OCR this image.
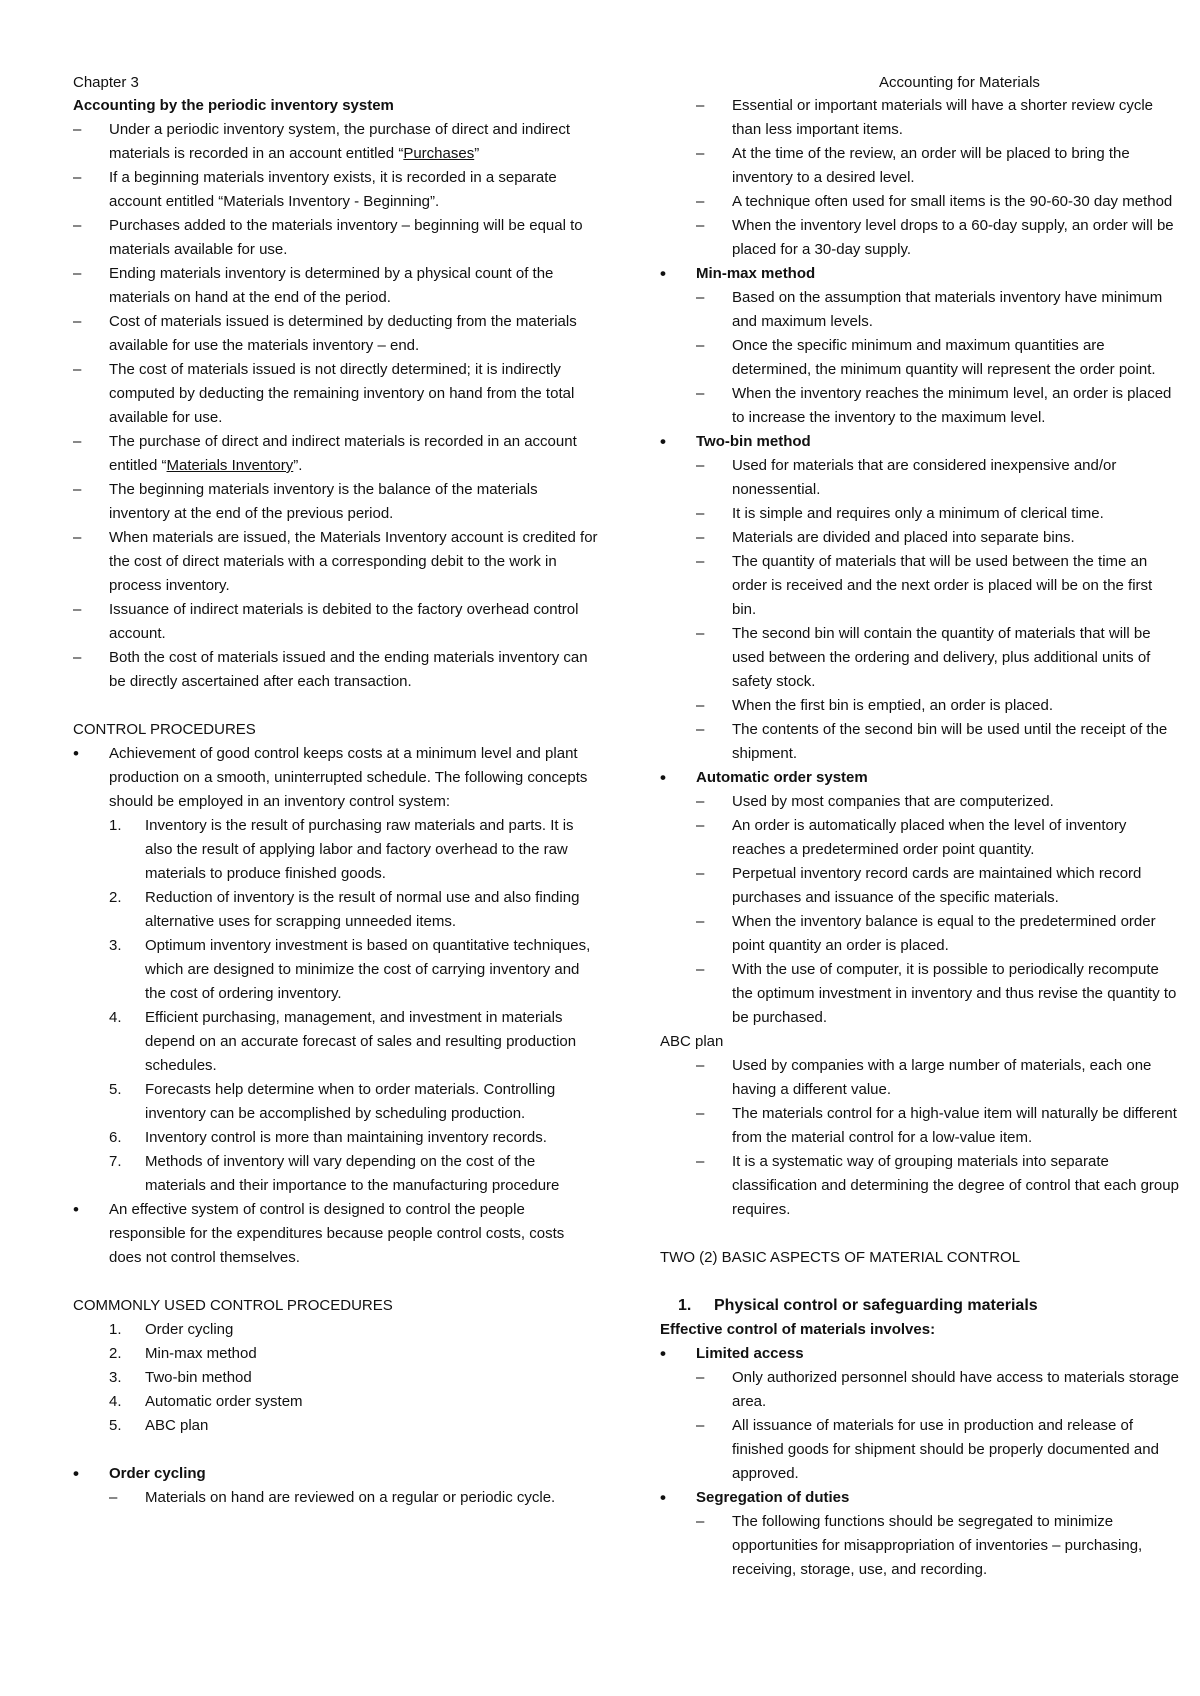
Chapter 3	Accounting for Materials
Accounting by the periodic inventory system

– Under a periodic inventory system, the purchase of direct and indirect materials is recorded in an account entitled “Purchases”

– If a beginning materials inventory exists, it is recorded in a separate account entitled “Materials Inventory - Beginning”.

– Purchases added to the materials inventory – beginning will be equal to materials available for use.

– Ending materials inventory is determined by a physical count of the materials on hand at the end of the period.

– Cost of materials issued is determined by deducting from the materials available for use the materials inventory – end.

– The cost of materials issued is not directly determined; it is indirectly computed by deducting the remaining inventory on hand from the total available for use.

– The purchase of direct and indirect materials is recorded in an account entitled “Materials Inventory”.

– The beginning materials inventory is the balance of the materials inventory at the end of the previous period.

– When materials are issued, the Materials Inventory account is credited for the cost of direct materials with a corresponding debit to the work in process inventory.

– Issuance of indirect materials is debited to the factory overhead control account.

– Both the cost of materials issued and the ending materials inventory can be directly ascertained after each transaction.

CONTROL PROCEDURES

• Achievement of good control keeps costs at a minimum level and plant production on a smooth, uninterrupted schedule. The following concepts should be employed in an inventory control system:

1. Inventory is the result of purchasing raw materials and parts. It is also the result of applying labor and factory overhead to the raw materials to produce finished goods.

2. Reduction of inventory is the result of normal use and also finding alternative uses for scrapping unneeded items.

3. Optimum inventory investment is based on quantitative techniques, which are designed to minimize the cost of carrying inventory and the cost of ordering inventory.

4. Efficient purchasing, management, and investment in materials depend on an accurate forecast of sales and resulting production schedules.

5. Forecasts help determine when to order materials. Controlling inventory can be accomplished by scheduling production.

6. Inventory control is more than maintaining inventory records.

7. Methods of inventory will vary depending on the cost of the materials and their importance to the manufacturing procedure

• An effective system of control is designed to control the people responsible for the expenditures because people control costs, costs does not control themselves.

COMMONLY USED CONTROL PROCEDURES

1. Order cycling

2. Min-max method

3. Two-bin method

4. Automatic order system

5. ABC plan

• Order cycling

– Materials on hand are reviewed on a regular or periodic cycle.

– Essential or important materials will have a shorter review cycle than less important items.

– At the time of the review, an order will be placed to bring the inventory to a desired level.

– A technique often used for small items is the 90-60-30 day method

– When the inventory level drops to a 60-day supply, an order will be placed for a 30-day supply.

• Min-max method

– Based on the assumption that materials inventory have minimum and maximum levels.

– Once the specific minimum and maximum quantities are determined, the minimum quantity will represent the order point.

– When the inventory reaches the minimum level, an order is placed to increase the inventory to the maximum level.

• Two-bin method

– Used for materials that are considered inexpensive and/or nonessential.

– It is simple and requires only a minimum of clerical time.

– Materials are divided and placed into separate bins.

– The quantity of materials that will be used between the time an order is received and the next order is placed will be on the first bin.

– The second bin will contain the quantity of materials that will be used between the ordering and delivery, plus additional units of safety stock.

– When the first bin is emptied, an order is placed.

– The contents of the second bin will be used until the receipt of the shipment.

• Automatic order system

– Used by most companies that are computerized.

– An order is automatically placed when the level of inventory reaches a predetermined order point quantity.

– Perpetual inventory record cards are maintained which record purchases and issuance of the specific materials.

– When the inventory balance is equal to the predetermined order point quantity an order is placed.

– With the use of computer, it is possible to periodically recompute the optimum investment in inventory and thus revise the quantity to be purchased.

ABC plan

– Used by companies with a large number of materials, each one having a different value.

– The materials control for a high-value item will naturally be different from the material control for a low-value item.

– It is a systematic way of grouping materials into separate classification and determining the degree of control that each group requires.

TWO (2) BASIC ASPECTS OF MATERIAL CONTROL

1. Physical control or safeguarding materials

Effective control of materials involves:

• Limited access

– Only authorized personnel should have access to materials storage area.

– All issuance of materials for use in production and release of finished goods for shipment should be properly documented and approved.

• Segregation of duties

– The following functions should be segregated to minimize opportunities for misappropriation of inventories – purchasing, receiving, storage, use, and recording.
